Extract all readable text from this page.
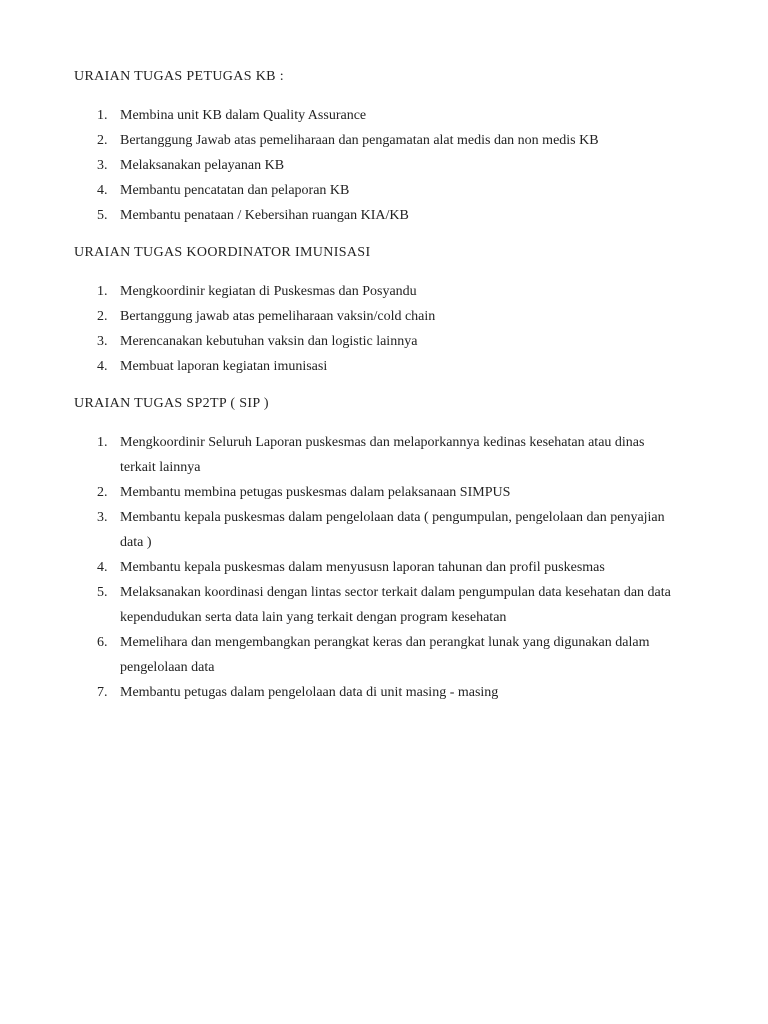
URAIAN TUGAS PETUGAS KB :
1. Membina unit KB dalam Quality Assurance
2. Bertanggung Jawab atas pemeliharaan dan pengamatan alat medis dan non medis KB
3. Melaksanakan pelayanan KB
4. Membantu pencatatan dan pelaporan KB
5. Membantu penataan / Kebersihan ruangan KIA/KB
URAIAN TUGAS KOORDINATOR IMUNISASI
1. Mengkoordinir kegiatan di Puskesmas dan Posyandu
2. Bertanggung jawab atas pemeliharaan vaksin/cold chain
3. Merencanakan kebutuhan vaksin dan logistic lainnya
4. Membuat laporan kegiatan imunisasi
URAIAN TUGAS SP2TP ( SIP )
1. Mengkoordinir Seluruh Laporan puskesmas dan melaporkannya kedinas kesehatan atau dinas terkait lainnya
2. Membantu membina petugas puskesmas dalam pelaksanaan SIMPUS
3. Membantu kepala puskesmas dalam pengelolaan data ( pengumpulan, pengelolaan dan penyajian data )
4. Membantu kepala puskesmas dalam menyususn laporan tahunan dan profil puskesmas
5. Melaksanakan koordinasi dengan lintas sector terkait dalam pengumpulan data kesehatan dan data kependudukan serta data lain yang terkait dengan program kesehatan
6. Memelihara dan mengembangkan perangkat keras dan perangkat lunak yang digunakan dalam pengelolaan data
7. Membantu petugas dalam pengelolaan data di unit masing - masing
